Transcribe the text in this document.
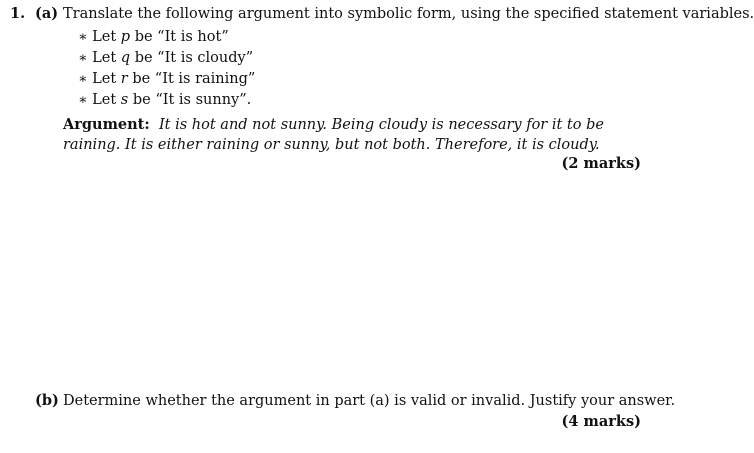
1. (a) Translate the following argument into symbolic form, using the specified statement variables.
∗ Let p be “It is hot”
∗ Let q be “It is cloudy”
∗ Let r be “It is raining”
∗ Let s be “It is sunny”.
Argument: It is hot and not sunny. Being cloudy is necessary for it to be raining. It is either raining or sunny, but not both. Therefore, it is cloudy.
(2 marks)
(b) Determine whether the argument in part (a) is valid or invalid. Justify your answer.
(4 marks)
